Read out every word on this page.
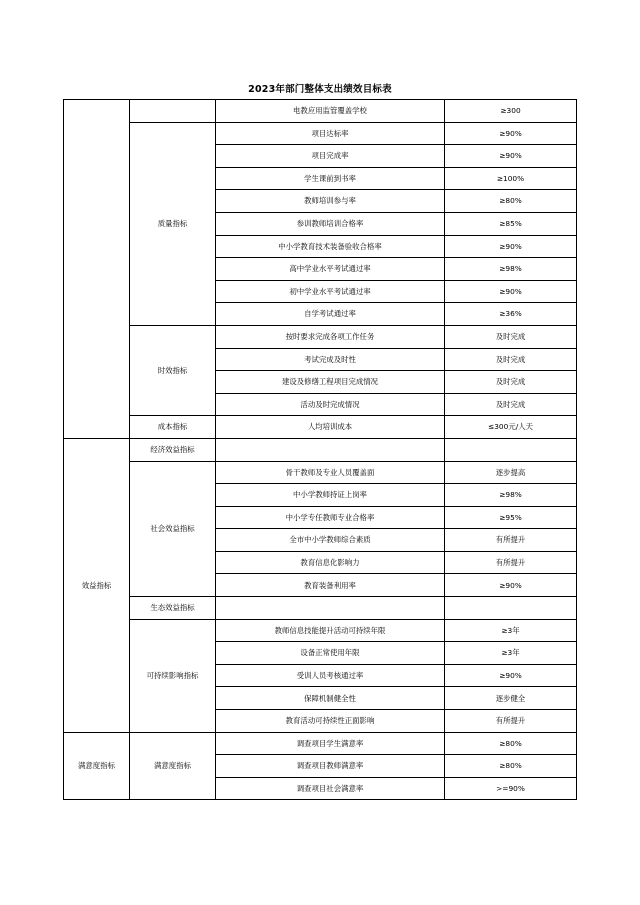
2023年部门整体支出绩效目标表
		电教应用监管覆盖学校	≥300
	质量指标	项目达标率	≥90%
		项目完成率	≥90%
		学生课前到书率	≥100%
		教师培训参与率	≥80%
		参训教师培训合格率	≥85%
		中小学教育技术装备验收合格率	≥90%
		高中学业水平考试通过率	≥98%
		初中学业水平考试通过率	≥90%
		自学考试通过率	≥36%
	时效指标	按时要求完成各项工作任务	及时完成
		考试完成及时性	及时完成
		建设及修缮工程项目完成情况	及时完成
		活动及时完成情况	及时完成
	成本指标	人均培训成本	≤300元/人天
效益指标	经济效益指标		
	社会效益指标	骨干教师及专业人员覆盖面	逐步提高
		中小学教师持证上岗率	≥98%
		中小学专任教师专业合格率	≥95%
		全市中小学教师综合素质	有所提升
		教育信息化影响力	有所提升
		教育装备利用率	≥90%
	生态效益指标		
	可持续影响指标	教师信息技能提升活动可持续年限	≥3年
		设备正常使用年限	≥3年
		受训人员考核通过率	≥90%
		保障机制健全性	逐步健全
		教育活动可持续性正面影响	有所提升
满意度指标	满意度指标	调查项目学生满意率	≥80%
		调查项目教师满意率	≥80%
		调查项目社会满意率	>=90%
